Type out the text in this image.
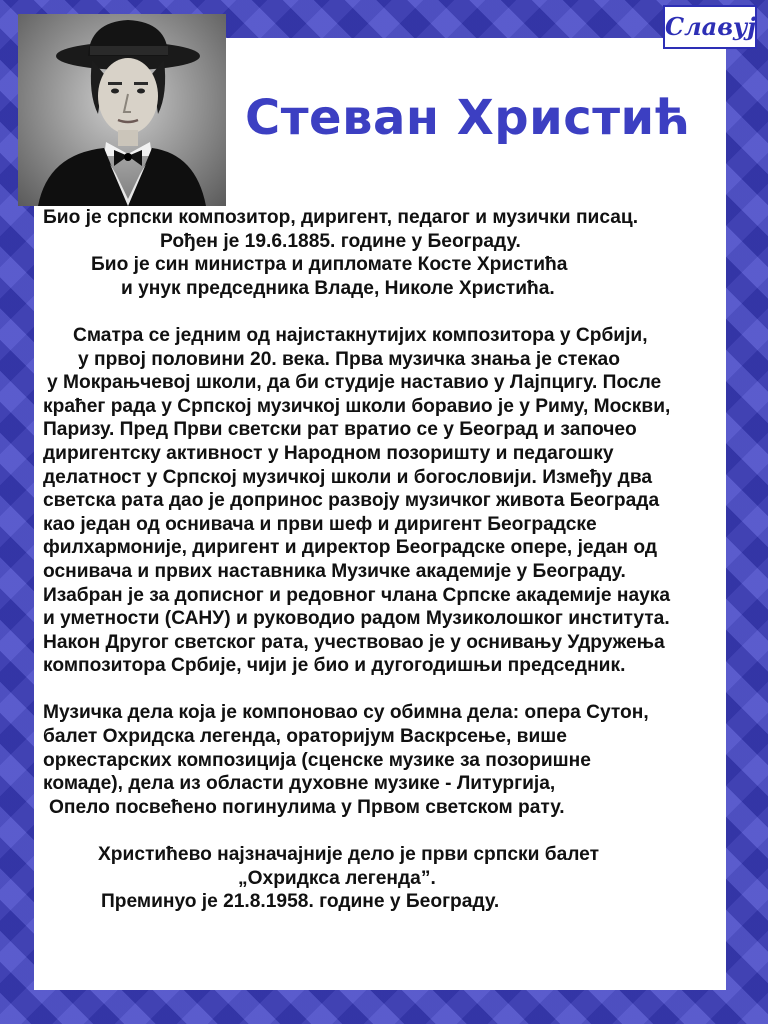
Славуј
Стеван Христић
Био је српски композитор, диригент, педагог и музички писац.
Рођен је 19.6.1885. године у Београду.
Био је син министра и дипломате Косте Христића
и унук председника Владе, Николе Христића.
Сматра се једним од најистакнутијих композитора у Србији,
у првој половини 20. века. Прва музичка знања је стекао
у Мокрањчевој школи, да би студије наставио у Лајпцигу. После
краћег рада у Српској музичкој школи боравио је у Риму, Москви,
Паризу. Пред Први светски рат вратио се у Београд и започео
диригентску активност у Народном позоришту и педагошку
делатност у Српској музичкој школи и богословији. Између два
светска рата дао је допринос развоју музичког живота Београда
као један од оснивача и први шеф и диригент Београдске
филхармоније, диригент и директор Београдске опере, један од
оснивача и првих наставника Музичке академије у Београду.
Изабран је за дописног и редовног члана Српске академије наука
и уметности (САНУ) и руководио радом Музиколошког института.
Након Другог светског рата, учествовао је у оснивању Удружења
композитора Србије, чији је био и дугогодишњи председник.
Музичка дела која је компоновао су обимна дела: опера Сутон,
балет Охридска легенда, ораторијум Васкрсење, више
оркестарских композиција (сценске музике за позоришне
комаде), дела из области духовне музике - Литургија,
Опело посвећено погинулима у Првом светском рату.
Христићево најзначајније дело је први српски балет
„Охридкса легенда”.
Преминуо је 21.8.1958. године у Београду.
